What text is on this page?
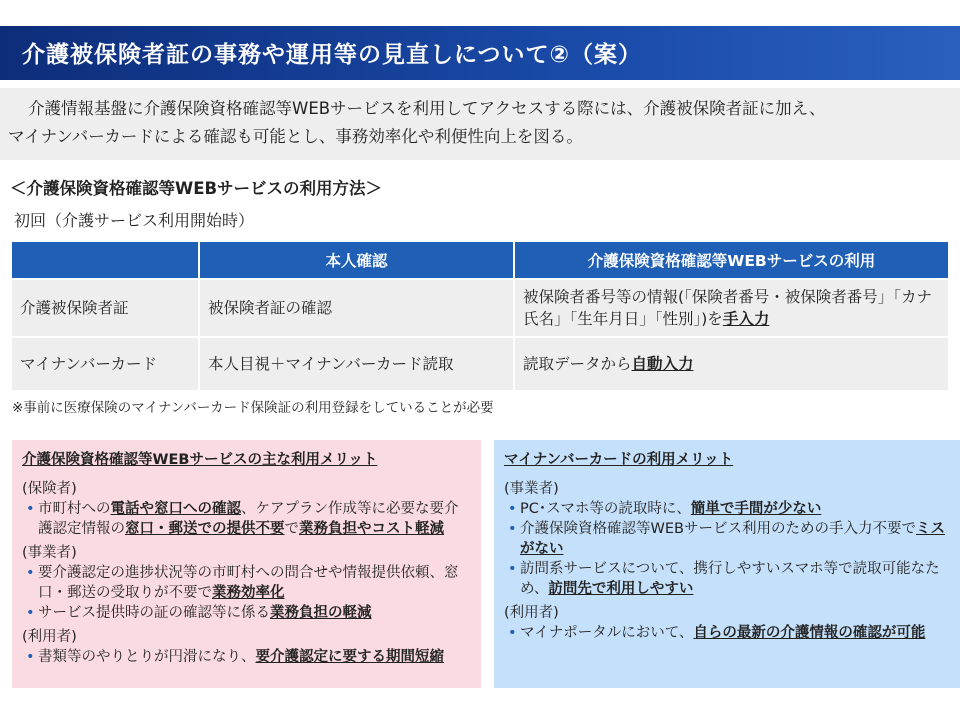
介護被保険者証の事務や運用等の見直しについて②（案）

介護情報基盤に介護保険資格確認等WEBサービスを利用してアクセスする際には、介護被保険者証に加え、
マイナンバーカードによる確認も可能とし、事務効率化や利便性向上を図る。

＜介護保険資格確認等WEBサービスの利用方法＞
初回（介護サービス利用開始時）
	本人確認	介護保険資格確認等WEBサービスの利用
介護被保険者証	被保険者証の確認	被保険者番号等の情報(「保険者番号・被保険者番号」「カナ氏名」「生年月日」「性別」)を手入力
マイナンバーカード	本人目視＋マイナンバーカード読取	読取データから自動入力
※事前に医療保険のマイナンバーカード保険証の利用登録をしていることが必要
介護保険資格確認等WEBサービスの主な利用メリット
(保険者)
• 市町村への電話や窓口への確認、ケアプラン作成等に必要な要介護認定情報の窓口・郵送での提供不要で業務負担やコスト軽減
(事業者)
• 要介護認定の進捗状況等の市町村への問合せや情報提供依頼、窓口・郵送の受取りが不要で業務効率化
• サービス提供時の証の確認等に係る業務負担の軽減
(利用者)
• 書類等のやりとりが円滑になり、要介護認定に要する期間短縮
マイナンバーカードの利用メリット
(事業者)
• PC･スマホ等の読取時に、簡単で手間が少ない
• 介護保険資格確認等WEBサービス利用のための手入力不要でミスがない
• 訪問系サービスについて、携行しやすいスマホ等で読取可能なため、訪問先で利用しやすい
(利用者)
• マイナポータルにおいて、自らの最新の介護情報の確認が可能
